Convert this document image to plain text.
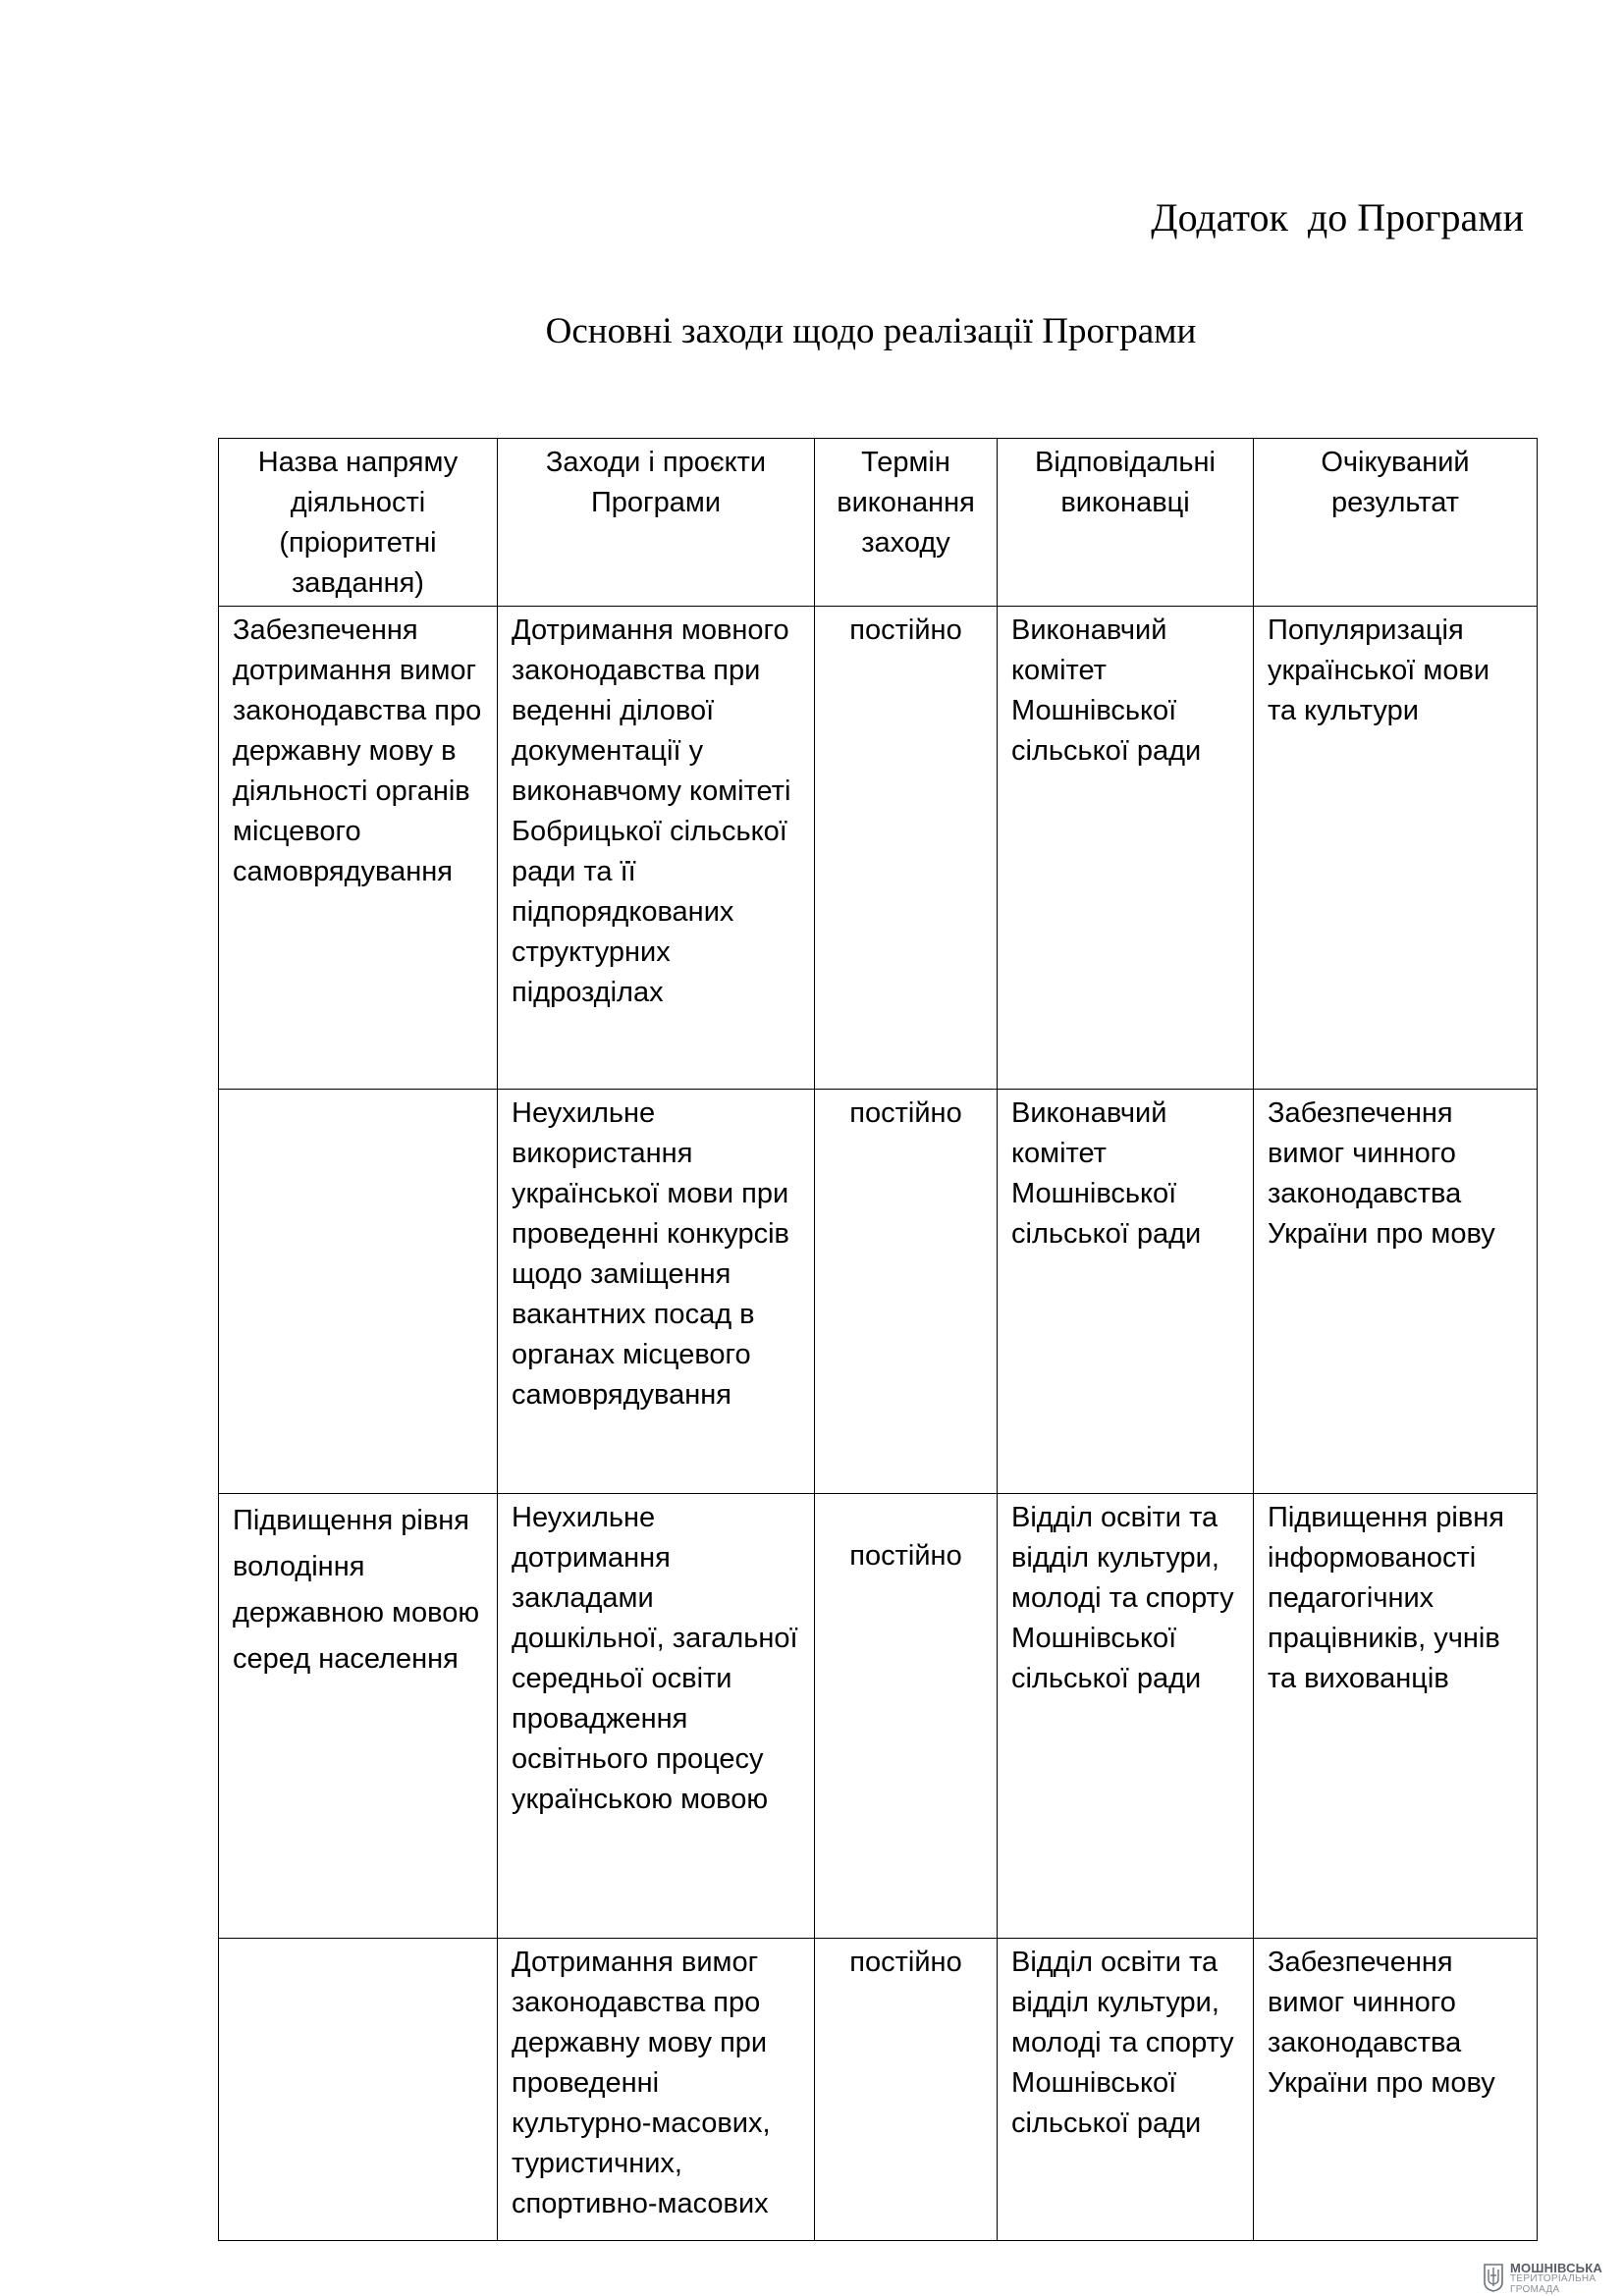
Додаток  до Програми

Основні заходи щодо реалізації Програми
Назва напряму діяльності (пріоритетні завдання)	Заходи і проєкти Програми	Термін виконання заходу	Відповідальні виконавці	Очікуваний результат
Забезпечення дотримання вимог законодавства про державну мову в діяльності органів місцевого самоврядування	Дотримання мовного законодавства при веденні ділової документації у виконавчому комітеті Бобрицької сільської ради та її підпорядкованих структурних підрозділах	постійно	Виконавчий комітет Мошнівської сільської ради	Популяризація української мови та культури
	Неухильне використання української мови при проведенні конкурсів щодо заміщення вакантних посад в органах місцевого самоврядування	постійно	Виконавчий комітет Мошнівської сільської ради	Забезпечення вимог чинного законодавства України про мову
Підвищення рівня володіння державною мовою серед населення	Неухильне дотримання закладами дошкільної, загальної середньої освіти провадження освітнього процесу українською мовою	постійно	Відділ освіти та відділ культури, молоді та спорту Мошнівської сільської ради	Підвищення рівня інформованості педагогічних працівників, учнів та вихованців
	Дотримання вимог законодавства про державну мову при проведенні культурно-масових, туристичних, спортивно-масових	постійно	Відділ освіти та відділ культури, молоді та спорту Мошнівської сільської ради	Забезпечення вимог чинного законодавства України про мову
МОШНІВСЬКА
ТЕРИТОРІАЛЬНА
ГРОМАДА
